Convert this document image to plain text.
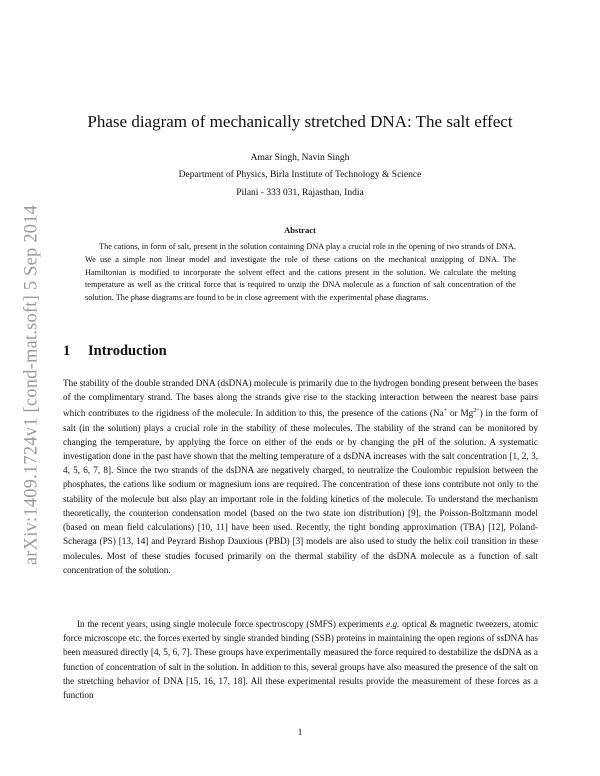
arXiv:1409.1724v1 [cond-mat.soft] 5 Sep 2014
Phase diagram of mechanically stretched DNA: The salt effect
Amar Singh, Navin Singh
Department of Physics, Birla Institute of Technology & Science
Pilani - 333 031, Rajasthan, India
Abstract

The cations, in form of salt, present in the solution containing DNA play a crucial role in the opening of two strands of DNA. We use a simple non linear model and investigate the role of these cations on the mechanical unzipping of DNA. The Hamiltonian is modified to incorporate the solvent effect and the cations present in the solution. We calculate the melting temperature as well as the critical force that is required to unzip the DNA molecule as a function of salt concentration of the solution. The phase diagrams are found to be in close agreement with the experimental phase diagrams.

1 Introduction

The stability of the double stranded DNA (dsDNA) molecule is primarily due to the hydrogen bonding present between the bases of the complimentary strand. The bases along the strands give rise to the stacking interaction between the nearest base pairs which contributes to the rigidness of the molecule. In addition to this, the presence of the cations (Na+ or $Mg^{2+}$) in the form of salt (in the solution) plays a crucial role in the stability of these molecules. The stability of the strand can be monitored by changing the temperature, by applying the force on either of the ends or by changing the pH of the solution. A systematic investigation done in the past have shown that the melting temperature of a dsDNA increases with the salt concentration [1, 2, 3, 4, 5, 6, 7, 8]. Since the two strands of the dsDNA are negatively charged, to neutralize the Coulombic repulsion between the phosphates, the cations like sodium or magnesium ions are required. The concentration of these ions contribute not only to the stability of the molecule but also play an important role in the folding kinetics of the molecule. To understand the mechanism theoretically, the counterion condensation model (based on the two state ion distribution) [9], the Poisson-Boltzmann model (based on mean field calculations) [10, 11] have been used. Recently, the tight bonding approximation (TBA) [12], Poland-Scheraga (PS) [13, 14] and Peyrard Bishop Dauxious (PBD) [3] models are also used to study the helix coil transition in these molecules. Most of these studies focused primarily on the thermal stability of the dsDNA molecule as a function of salt concentration of the solution.

In the recent years, using single molecule force spectroscopy (SMFS) experiments e.g. optical & magnetic tweezers, atomic force microscope etc. the forces exerted by single stranded binding (SSB) proteins in maintaining the open regions of ssDNA has been measured directly [4, 5, 6, 7]. These groups have experimentally measured the force required to destabilize the dsDNA as a function of concentration of salt in the solution. In addition to this, several groups have also measured the presence of the salt on the stretching behavior of DNA [15, 16, 17, 18]. All these experimental results provide the measurement of these forces as a function

1
